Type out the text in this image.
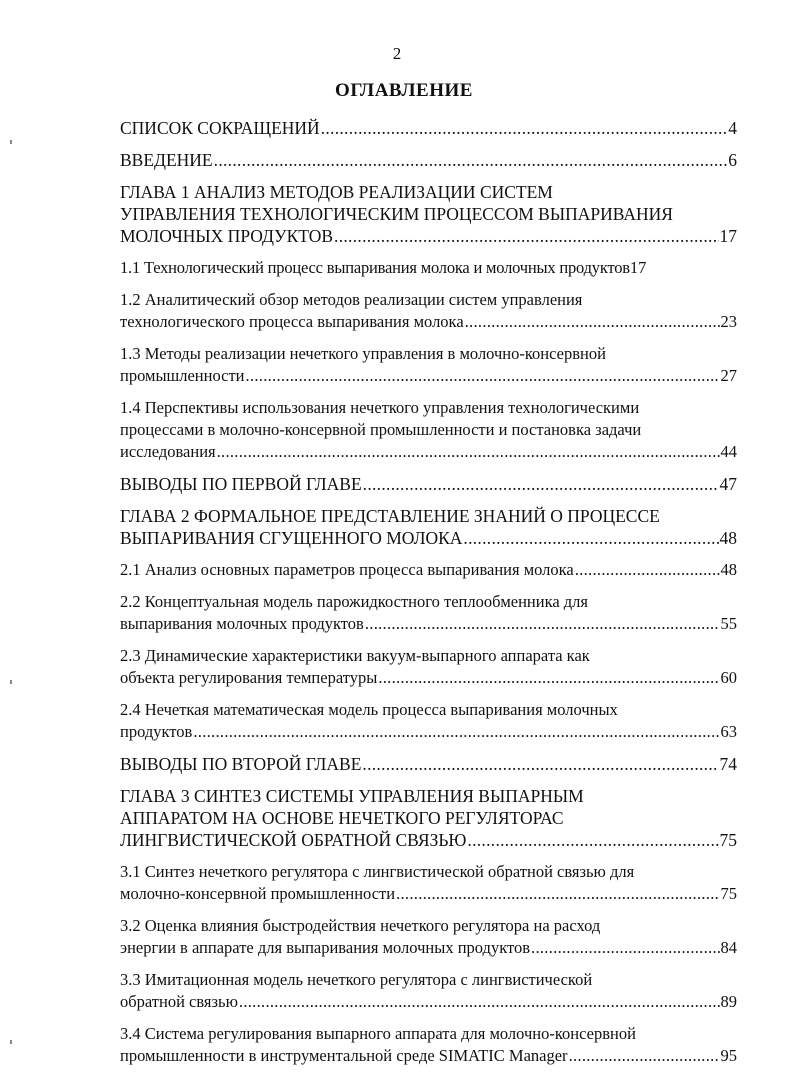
2
ОГЛАВЛЕНИЕ
СПИСОК СОКРАЩЕНИЙ .....	4
ВВЕДЕНИЕ .....	6
ГЛАВА 1 АНАЛИЗ МЕТОДОВ РЕАЛИЗАЦИИ СИСТЕМ
УПРАВЛЕНИЯ ТЕХНОЛОГИЧЕСКИМ ПРОЦЕССОМ ВЫПАРИВАНИЯ
МОЛОЧНЫХ ПРОДУКТОВ .....	17
1.1 Технологический процесс выпаривания молока и молочных продуктов 17
1.2 Аналитический обзор методов реализации систем управления
технологического процесса выпаривания молока .....	23
1.3 Методы реализации нечеткого управления в молочно-консервной
промышленности .....	27
1.4 Перспективы использования нечеткого управления технологическими
процессами в молочно-консервной промышленности и постановка задачи
исследования .....	44
ВЫВОДЫ ПО ПЕРВОЙ ГЛАВЕ .....	47
ГЛАВА 2 ФОРМАЛЬНОЕ ПРЕДСТАВЛЕНИЕ ЗНАНИЙ О ПРОЦЕССЕ
ВЫПАРИВАНИЯ СГУЩЕННОГО МОЛОКА .....	48
2.1 Анализ основных параметров процесса выпаривания молока .....	48
2.2 Концептуальная модель парожидкостного теплообменника для
выпаривания молочных продуктов .....	55
2.3 Динамические характеристики вакуум-выпарного аппарата как
объекта регулирования температуры .....	60
2.4 Нечеткая математическая модель процесса выпаривания молочных
продуктов .....	63
ВЫВОДЫ ПО ВТОРОЙ ГЛАВЕ .....	74
ГЛАВА 3 СИНТЕЗ СИСТЕМЫ УПРАВЛЕНИЯ ВЫПАРНЫМ
АППАРАТОМ НА ОСНОВЕ НЕЧЕТКОГО РЕГУЛЯТОРАС
ЛИНГВИСТИЧЕСКОЙ ОБРАТНОЙ СВЯЗЬЮ .....	75
3.1 Синтез нечеткого регулятора с лингвистической обратной связью для
молочно-консервной промышленности .....	75
3.2 Оценка влияния быстродействия нечеткого регулятора на расход
энергии в аппарате для выпаривания молочных продуктов .....	84
3.3 Имитационная модель нечеткого регулятора с лингвистической
обратной связью .....	89
3.4 Система регулирования выпарного аппарата для молочно-консервной
промышленности в инструментальной среде SIMATIC Manager .....	95
